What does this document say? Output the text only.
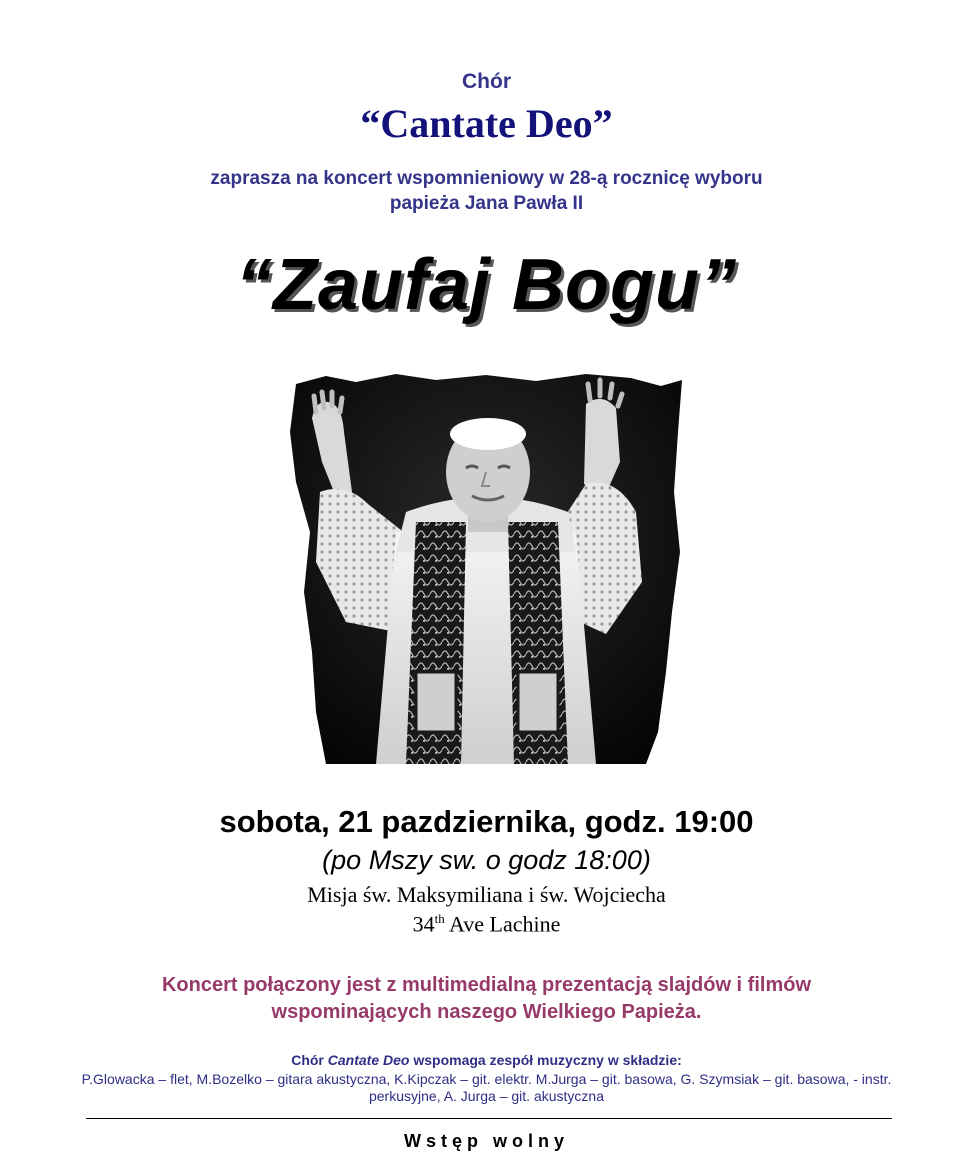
Chór
“Cantate Deo”
zaprasza na koncert wspomnieniowy w 28-ą rocznicę wyboru
papieża Jana Pawła II
“Zaufaj Bogu”
sobota, 21 pazdziernika, godz. 19:00
(po Mszy sw. o godz 18:00)
Misja św. Maksymiliana i św. Wojciecha
34th Ave Lachine
Koncert połączony jest z multimedialną prezentacją slajdów i filmów
wspominających naszego Wielkiego Papieża.
Chór Cantate Deo wspomaga zespół muzyczny w składzie:
P.Glowacka – flet, M.Bozelko – gitara akustyczna, K.Kipczak – git. elektr. M.Jurga – git. basowa, G. Szymsiak – git. basowa, - instr. perkusyjne, A. Jurga – git. akustyczna
Wstęp wolny
